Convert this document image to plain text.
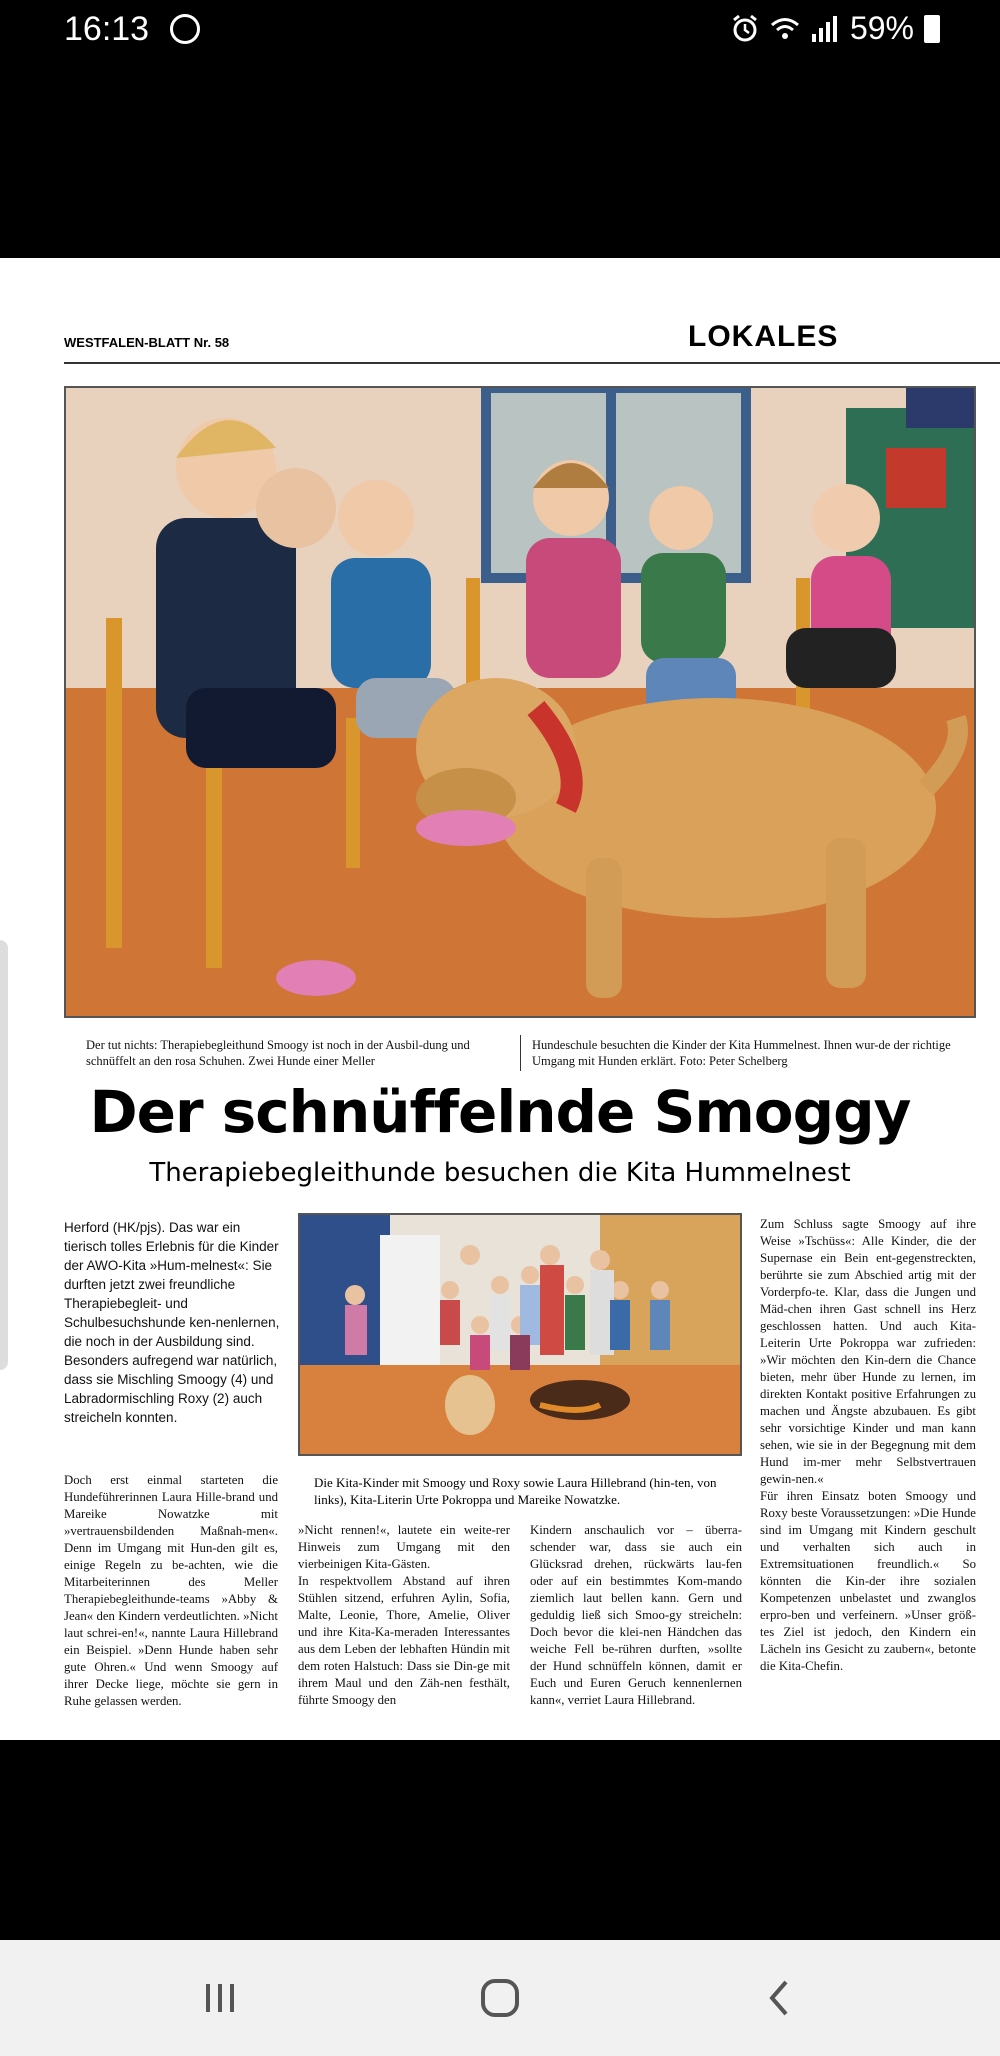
16:13	59%
WESTFALEN-BLATT Nr. 58	LOKALES
Der tut nichts: Therapiebegleithund Smoogy ist noch in der Ausbil-dung und schnüffelt an den rosa Schuhen. Zwei Hunde einer Meller
Hundeschule besuchten die Kinder der Kita Hummelnest. Ihnen wur-de der richtige Umgang mit Hunden erklärt. Foto: Peter Schelberg
Der schnüffelnde Smoggy
Therapiebegleithunde besuchen die Kita Hummelnest
Herford (HK/pjs). Das war ein tierisch tolles Erlebnis für die Kinder der AWO-Kita »Hum-melnest«: Sie durften jetzt zwei freundliche Therapiebegleit- und Schulbesuchshunde ken-nenlernen, die noch in der Ausbildung sind. Besonders aufregend war natürlich, dass sie Mischling Smoogy (4) und Labradormischling Roxy (2) auch streicheln konnten.
Die Kita-Kinder mit Smoogy und Roxy sowie Laura Hillebrand (hin-ten, von links), Kita-Literin Urte Pokroppa und Mareike Nowatzke.
Doch erst einmal starteten die Hundeführerinnen Laura Hille-brand und Mareike Nowatzke mit »vertrauensbildenden Maßnah-men«. Denn im Umgang mit Hun-den gilt es, einige Regeln zu be-achten, wie die Mitarbeiterinnen des Meller Therapiebegleithunde-teams »Abby & Jean« den Kindern verdeutlichten. »Nicht laut schrei-en!«, nannte Laura Hillebrand ein Beispiel. »Denn Hunde haben sehr gute Ohren.« Und wenn Smoogy auf ihrer Decke liege, möchte sie gern in Ruhe gelassen werden.
»Nicht rennen!«, lautete ein weite-rer Hinweis zum Umgang mit den vierbeinigen Kita-Gästen.
In respektvollem Abstand auf ihren Stühlen sitzend, erfuhren Aylin, Sofia, Malte, Leonie, Thore, Amelie, Oliver und ihre Kita-Ka-meraden Interessantes aus dem Leben der lebhaften Hündin mit dem roten Halstuch: Dass sie Din-ge mit ihrem Maul und den Zäh-nen festhält, führte Smoogy den
Kindern anschaulich vor – überra-schender war, dass sie auch ein Glücksrad drehen, rückwärts lau-fen oder auf ein bestimmtes Kom-mando ziemlich laut bellen kann. Gern und geduldig ließ sich Smoo-gy streicheln: Doch bevor die klei-nen Händchen das weiche Fell be-rühren durften, »sollte der Hund schnüffeln können, damit er Euch und Euren Geruch kennenlernen kann«, verriet Laura Hillebrand.
Zum Schluss sagte Smoogy auf ihre Weise »Tschüss«: Alle Kinder, die der Supernase ein Bein ent-gegenstreckten, berührte sie zum Abschied artig mit der Vorderpfo-te. Klar, dass die Jungen und Mäd-chen ihren Gast schnell ins Herz geschlossen hatten. Und auch Kita-Leiterin Urte Pokroppa war zufrieden: »Wir möchten den Kin-dern die Chance bieten, mehr über Hunde zu lernen, im direkten Kontakt positive Erfahrungen zu machen und Ängste abzubauen. Es gibt sehr vorsichtige Kinder und man kann sehen, wie sie in der Begegnung mit dem Hund im-mer mehr Selbstvertrauen gewin-nen.«
Für ihren Einsatz boten Smoogy und Roxy beste Voraussetzungen: »Die Hunde sind im Umgang mit Kindern geschult und verhalten sich auch in Extremsituationen freundlich.« So könnten die Kin-der ihre sozialen Kompetenzen unbelastet und zwanglos erpro-ben und verfeinern. »Unser größ-tes Ziel ist jedoch, den Kindern ein Lächeln ins Gesicht zu zaubern«, betonte die Kita-Chefin.
